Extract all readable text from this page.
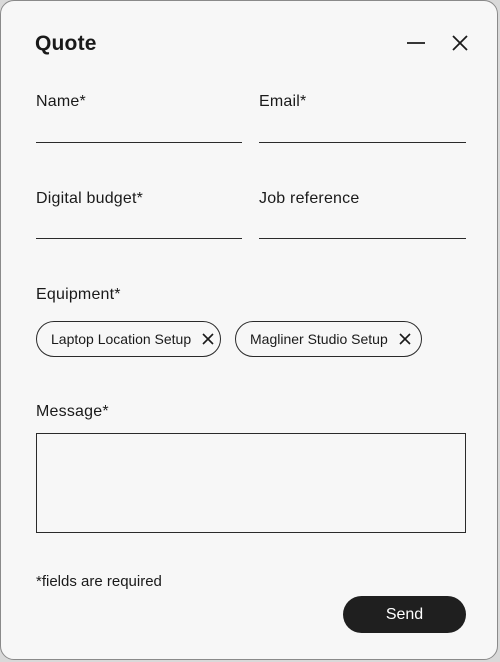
Quote
Name*	Email*
Digital budget*	Job reference
Equipment*
Laptop Location Setup	Magliner Studio Setup
Message*
*fields are required
Send
